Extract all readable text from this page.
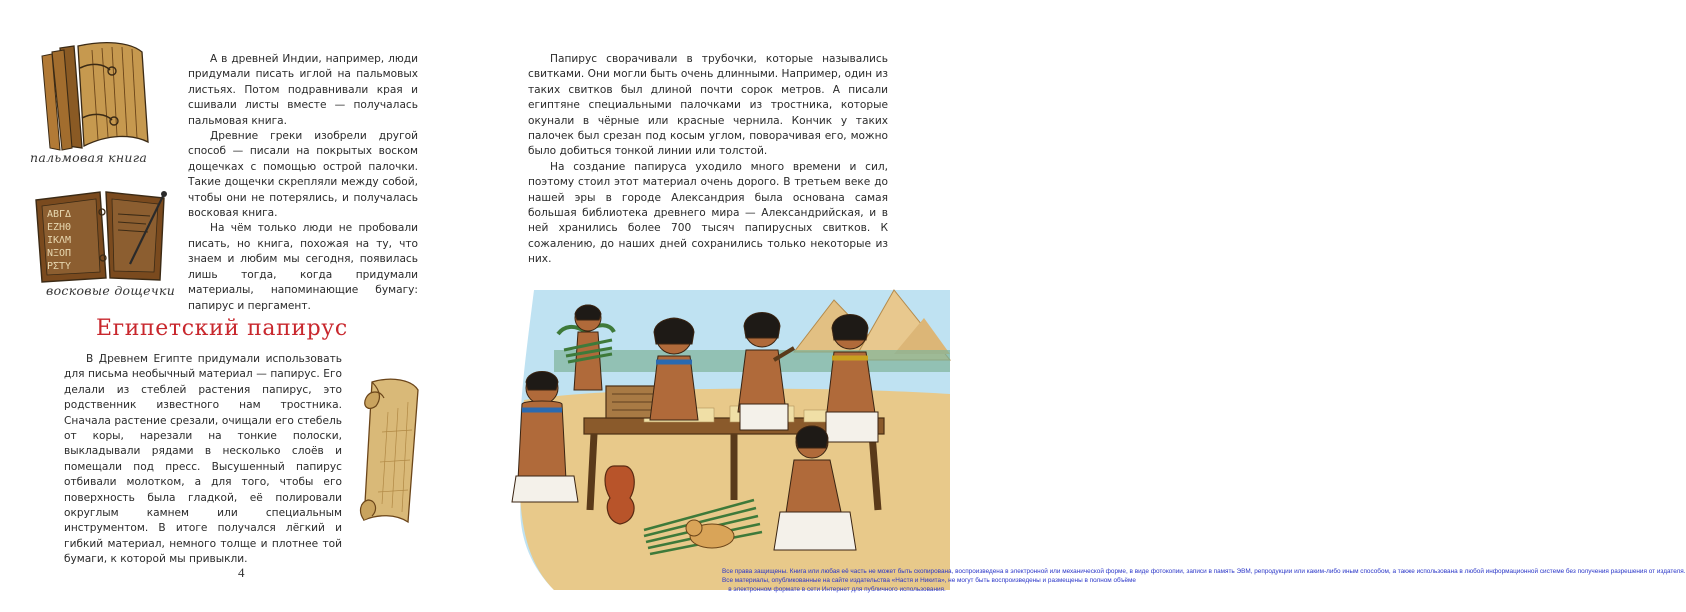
пальмовая книга
ΑΒΓΔ
ΕΖΗΘ
ΙΚΛΜ
ΝΞΟΠ
ΡΣΤΥ
восковые дощечки

А в древней Индии, например, люди придумали писать иглой на пальмовых листьях. Потом подравнивали края и сшивали листы вместе — получалась пальмовая книга.

Древние греки изобрели другой способ — писали на покрытых воском дощечках с помощью острой палочки. Такие дощечки скрепляли между собой, чтобы они не потерялись, и получалась восковая книга.

На чём только люди не пробовали писать, но книга, похожая на ту, что знаем и любим мы сегодня, появилась лишь тогда, когда придумали материалы, напоминающие бумагу: папирус и пергамент.

Египетский папирус

В Древнем Египте придумали использовать для письма необычный материал — папирус. Его делали из стеблей растения папирус, это родственник известного нам тростника. Сначала растение срезали, очищали его стебель от коры, нарезали на тонкие полоски, выкладывали рядами в несколько слоёв и помещали под пресс. Высушенный папирус отбивали молотком, а для того, чтобы его поверхность была гладкой, её полировали округлым камнем или специальным инструментом. В итоге получался лёгкий и гибкий материал, немного толще и плотнее той бумаги, к которой мы привыкли.

4

Папирус сворачивали в трубочки, которые назывались свитками. Они могли быть очень длинными. Например, один из таких свитков был длиной почти сорок метров. А писали египтяне специальными палочками из тростника, которые окунали в чёрные или красные чернила. Кончик у таких палочек был срезан под косым углом, поворачивая его, можно было добиться тонкой линии или толстой.

На создание папируса уходило много времени и сил, поэтому стоил этот материал очень дорого. В третьем веке до нашей эры в городе Александрия была основана самая большая библиотека древнего мира — Александрийская, и в ней хранились более 700 тысяч папирусных свитков. К сожалению, до наших дней сохранились только некоторые из них.

Все права защищены. Книга или любая её часть не может быть скопирована, воспроизведена в электронной или механической форме, в виде фотокопии, записи в память ЭВМ, репродукции или каким-либо иным способом, а также использована в любой информационной системе без получения разрешения от издателя.
Все материалы, опубликованные на сайте издательства «Настя и Никита», не могут быть воспроизведены и размещены в полном объёме
в электронном формате в сети Интернет для публичного использования.
